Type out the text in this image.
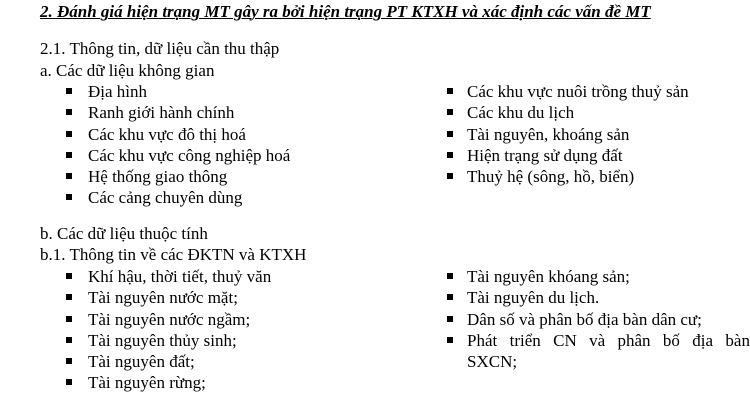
2. Đánh giá hiện trạng MT gây ra bởi hiện trạng PT KTXH và xác định các vấn đề MT
2.1. Thông tin, dữ liệu cần thu thập
a. Các dữ liệu không gian
Địa hình
Ranh giới hành chính
Các khu vực đô thị hoá
Các khu vực công nghiệp hoá
Hệ thống giao thông
Các cảng chuyên dùng
Các khu vực nuôi trồng thuỷ sản
Các khu du lịch
Tài nguyên, khoáng sản
Hiện trạng sử dụng đất
Thuỷ hệ (sông, hồ, biển)
b. Các dữ liệu thuộc tính
b.1. Thông tin về các ĐKTN và KTXH
Khí hậu, thời tiết, thuỷ văn
Tài nguyên nước mặt;
Tài nguyên nước ngầm;
Tài nguyên thủy sinh;
Tài nguyên đất;
Tài nguyên rừng;
Tài nguyên khóang sản;
Tài nguyên du lịch.
Dân số và phân bố địa bàn dân cư;
Phát triển CN và phân bố địa bàn
SXCN;
